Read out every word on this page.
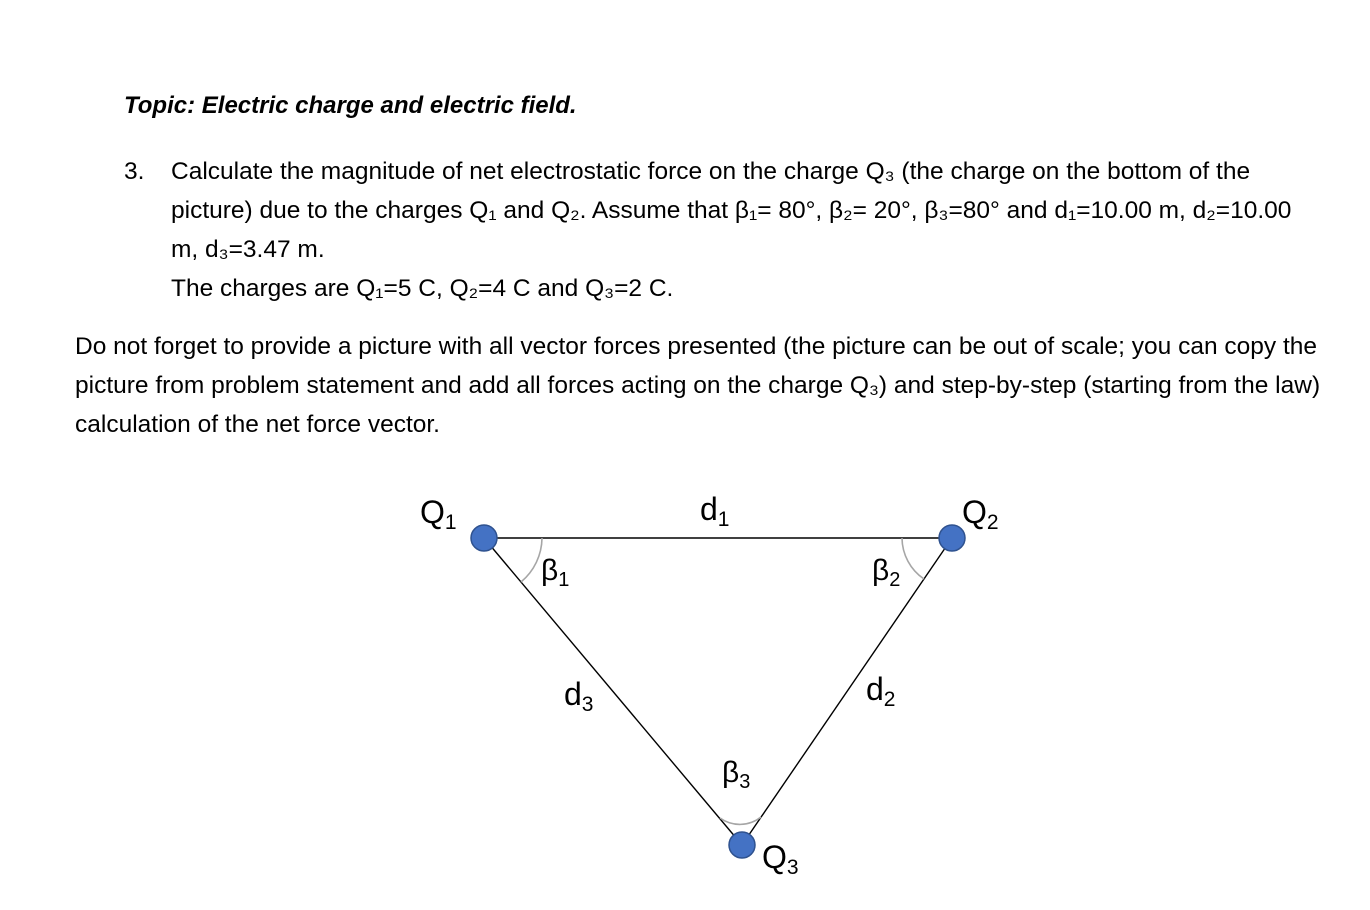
Topic: Electric charge and electric field.
3. Calculate the magnitude of net electrostatic force on the charge Q₃ (the charge on the bottom of the picture) due to the charges Q₁ and Q₂. Assume that β₁= 80°, β₂= 20°, β₃=80° and d₁=10.00 m, d₂=10.00 m, d₃=3.47 m.

The charges are Q₁=5 C, Q₂=4 C and Q₃=2 C.

Do not forget to provide a picture with all vector forces presented (the picture can be out of scale; you can copy the picture from problem statement and add all forces acting on the charge Q₃) and step-by-step (starting from the law) calculation of the net force vector.

Q1	Q2
Q3
d1
d2
d3
$\beta_1$	$\beta_2$
$\beta_3$
